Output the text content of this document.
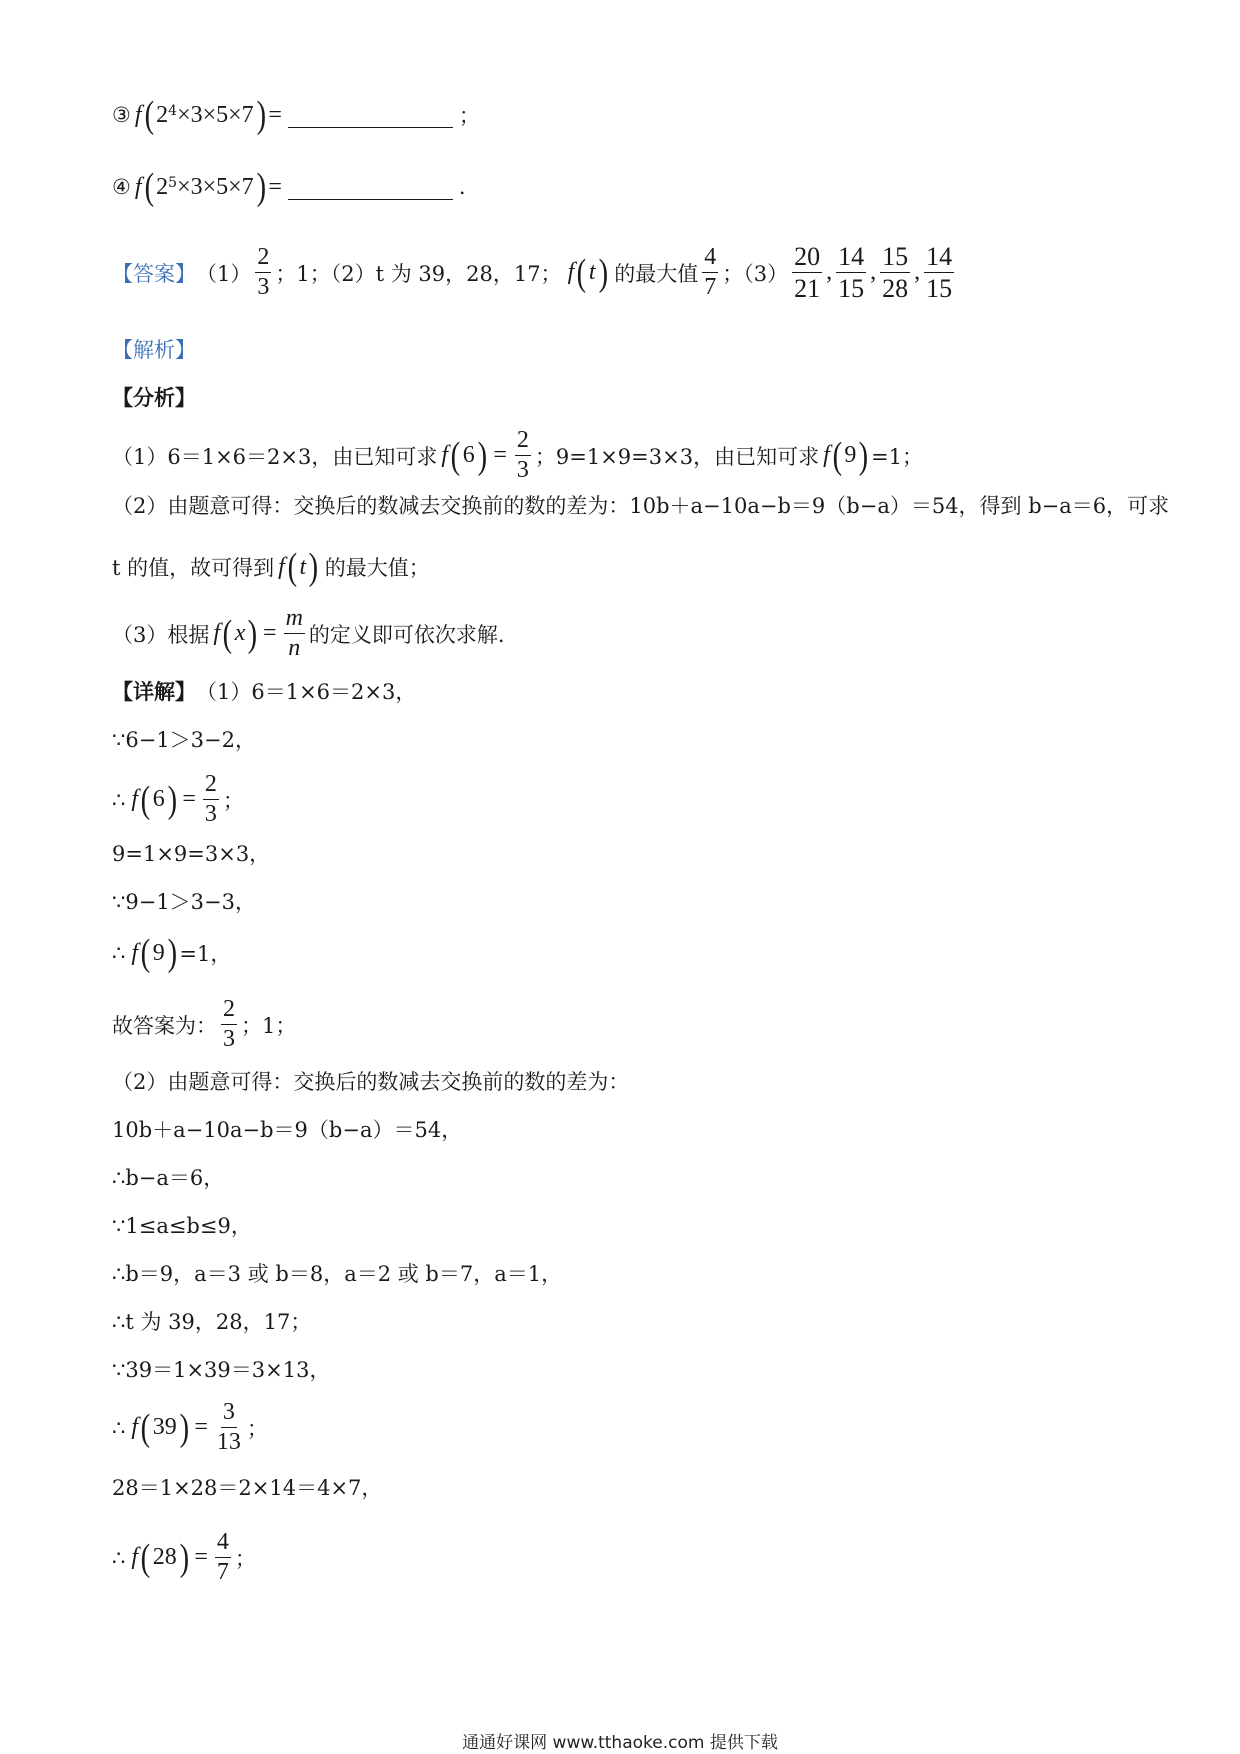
③ f ( $2^4 \times 3\times 5\times 7$ ) =	；
④ f ( $2^5 \times 3\times 5\times 7$ ) =	.
【答案】 $(1) \frac{2}{3}$ ；1；（2）t 为 39，28，17； f ( t ) 的最大值 $\frac{4}{7}$ ；$(3) \frac{20}{21}$ , $\frac{14}{15}$ , $\frac{15}{28}$ , $\frac{14}{15}$
【解析】
【分析】
（1）6＝1×6＝2×3，由已知可求 f ( 6 ) = $\frac{2}{3}$ ；9=1×9=3×3，由已知可求 f ( 9 ) =1；
（2）由题意可得：交换后的数减去交换前的数的差为：10b＋a−10a−b＝9（b−a）＝54，得到 b−a＝6，可求
t 的值，故可得到 f ( t ) 的最大值；
（3）根据 f ( x ) = $\frac{m}{n}$ 的定义即可依次求解.
【详解】 （1）6＝1×6＝2×3，
∵6−1＞3−2，
∴ f ( 6 ) = $\frac{2}{3}$ ；
9=1×9=3×3，
∵9−1＞3−3，
∴ f ( 9 ) =1，
故答案为： $\frac{2}{3}$ ；1；
（2）由题意可得：交换后的数减去交换前的数的差为：
10b＋a−10a−b＝9（b−a）＝54，
∴b−a＝6，
∵1≤a≤b≤9，
∴b＝9，a＝3 或 b＝8，a＝2 或 b＝7，a＝1，
∴t 为 39，28，17；
∵39＝1×39＝3×13，
∴ f ( 39 ) = $\frac{3}{13}$ ；
28＝1×28＝2×14＝4×7，
∴ f ( 28 ) = $\frac{4}{7}$ ；
通通好课网 www.tthaoke.com 提供下载
